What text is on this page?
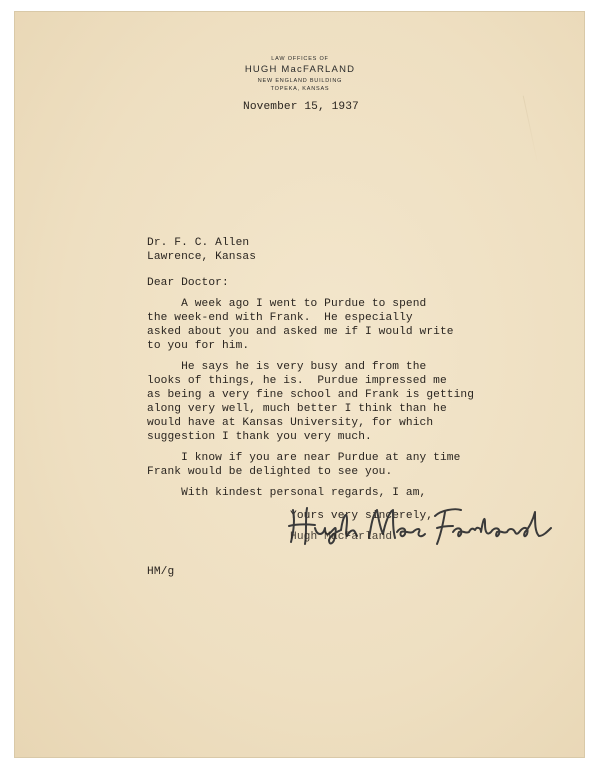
LAW OFFICES OF
HUGH MacFARLAND
NEW ENGLAND BUILDING
TOPEKA, KANSAS
November 15, 1937
Dr. F. C. Allen
Lawrence, Kansas
Dear Doctor:
A week ago I went to Purdue to spend
the week-end with Frank.  He especially
asked about you and asked me if I would write
to you for him.
He says he is very busy and from the
looks of things, he is.  Purdue impressed me
as being a very fine school and Frank is getting
along very well, much better I think than he
would have at Kansas University, for which
suggestion I thank you very much.
I know if you are near Purdue at any time
Frank would be delighted to see you.
With kindest personal regards, I am,
Yours very sincerely,
Hugh MacFarland
HM/g
